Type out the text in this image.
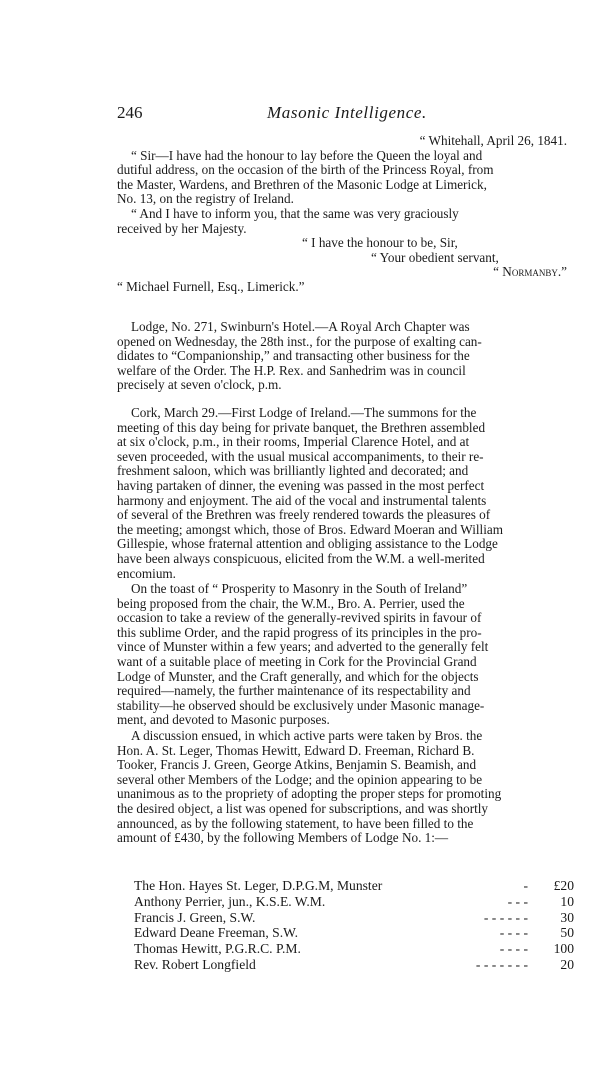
246	Masonic Intelligence.
“ Whitehall, April 26, 1841.
“ Sir—I have had the honour to lay before the Queen the loyal and
dutiful address, on the occasion of the birth of the Princess Royal, from
the Master, Wardens, and Brethren of the Masonic Lodge at Limerick,
No. 13, on the registry of Ireland.
“ And I have to inform you, that the same was very graciously
received by her Majesty.
“ I have the honour to be, Sir,
“ Your obedient servant,
“ Normanby.”
“ Michael Furnell, Esq., Limerick.”
Lodge, No. 271, Swinburn's Hotel.—A Royal Arch Chapter was
opened on Wednesday, the 28th inst., for the purpose of exalting can-
didates to “Companionship,” and transacting other business for the
welfare of the Order. The H.P. Rex. and Sanhedrim was in council
precisely at seven o'clock, p.m.
Cork, March 29.—First Lodge of Ireland.—The summons for the
meeting of this day being for private banquet, the Brethren assembled
at six o'clock, p.m., in their rooms, Imperial Clarence Hotel, and at
seven proceeded, with the usual musical accompaniments, to their re-
freshment saloon, which was brilliantly lighted and decorated; and
having partaken of dinner, the evening was passed in the most perfect
harmony and enjoyment. The aid of the vocal and instrumental talents
of several of the Brethren was freely rendered towards the pleasures of
the meeting; amongst which, those of Bros. Edward Moeran and William
Gillespie, whose fraternal attention and obliging assistance to the Lodge
have been always conspicuous, elicited from the W.M. a well-merited
encomium.
On the toast of “ Prosperity to Masonry in the South of Ireland”
being proposed from the chair, the W.M., Bro. A. Perrier, used the
occasion to take a review of the generally-revived spirits in favour of
this sublime Order, and the rapid progress of its principles in the pro-
vince of Munster within a few years; and adverted to the generally felt
want of a suitable place of meeting in Cork for the Provincial Grand
Lodge of Munster, and the Craft generally, and which for the objects
required—namely, the further maintenance of its respectability and
stability—he observed should be exclusively under Masonic manage-
ment, and devoted to Masonic purposes.
A discussion ensued, in which active parts were taken by Bros. the
Hon. A. St. Leger, Thomas Hewitt, Edward D. Freeman, Richard B.
Tooker, Francis J. Green, George Atkins, Benjamin S. Beamish, and
several other Members of the Lodge; and the opinion appearing to be
unanimous as to the propriety of adopting the proper steps for promoting
the desired object, a list was opened for subscriptions, and was shortly
announced, as by the following statement, to have been filled to the
amount of £430, by the following Members of Lodge No. 1:—
The Hon. Hayes St. Leger, D.P.G.M, Munster	-	£20
Anthony Perrier, jun., K.S.E. W.M.	- - -	10
Francis J. Green, S.W.	- - - - - -	30
Edward Deane Freeman, S.W.	- - - -	50
Thomas Hewitt, P.G.R.C. P.M.	- - - -	100
Rev. Robert Longfield	- - - - - - -	20
